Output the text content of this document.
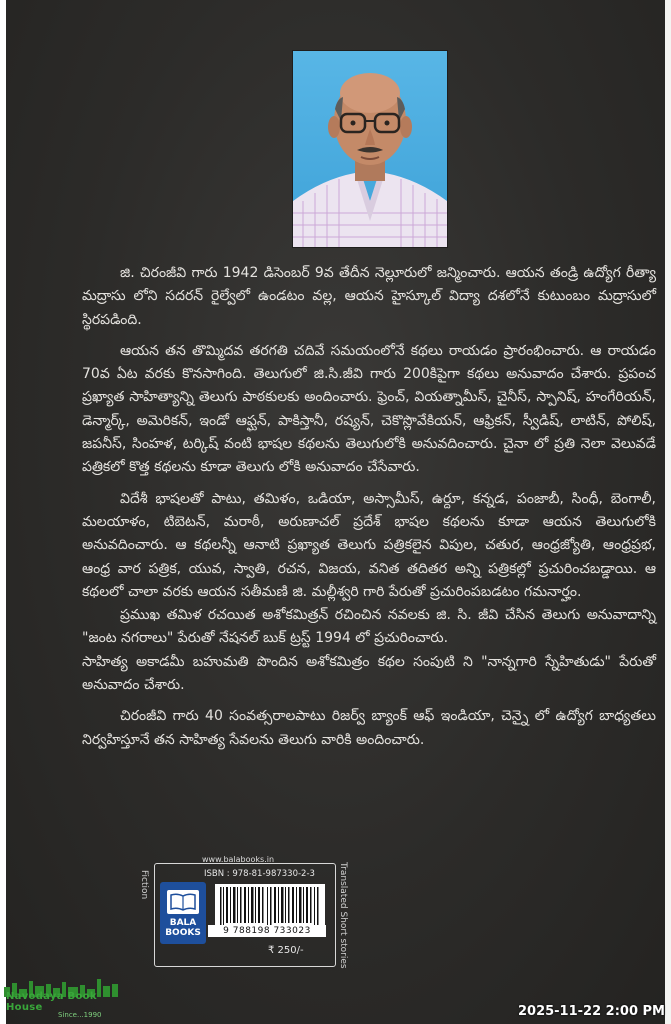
జి. చిరంజీవి గారు 1942 డిసెంబర్ 9వ తేదీన నెల్లూరులో జన్మించారు. ఆయన తండ్రి ఉద్యోగ రీత్యా మద్రాసు లోని సదరన్ రైల్వేలో ఉండటం వల్ల, ఆయన హైస్కూల్ విద్యా దశలోనే కుటుంబం మద్రాసులో స్థిరపడింది.

ఆయన తన తొమ్మిదవ తరగతి చదివే సమయంలోనే కథలు రాయడం ప్రారంభించారు. ఆ రాయడం 70వ ఏట వరకు కొనసాగింది. తెలుగులో జి.సి.జీవి గారు 200కిపైగా కథలు అనువాదం చేశారు. ప్రపంచ ప్రఖ్యాత సాహిత్యాన్ని తెలుగు పాఠకులకు అందించారు. ఫ్రెంచ్, వియత్నామీస్, చైనీస్, స్పానిష్, హంగేరియన్, డెన్మార్క్, అమెరికన్, ఇండో ఆఫ్ఘన్, పాకిస్తానీ, రష్యన్, చెకొస్లొవేకియన్, ఆఫ్రికన్, స్వీడిష్, లాటిన్, పోలిష్, జపనీస్, సింహళ, టర్కిష్ వంటి భాషల కథలను తెలుగులోకి అనువదించారు. చైనా లో ప్రతి నెలా వెలువడే పత్రికలో కొత్త కథలను కూడా తెలుగు లోకి అనువాదం చేసేవారు.

విదేశీ భాషలతో పాటు, తమిళం, ఒడియా, అస్సామీస్, ఉర్దూ, కన్నడ, పంజాబీ, సింధీ, బెంగాలీ, మలయాళం, టిబెటన్, మరాఠీ, అరుణాచల్ ప్రదేశ్ భాషల కథలను కూడా ఆయన తెలుగులోకి అనువదించారు. ఆ కథలన్నీ ఆనాటి ప్రఖ్యాత తెలుగు పత్రికలైన విపుల, చతుర, ఆంధ్రజ్యోతి, ఆంధ్రప్రభ, ఆంధ్ర వార పత్రిక, యువ, స్వాతి, రచన, విజయ, వనిత తదితర అన్ని పత్రికల్లో ప్రచురించబడ్డాయి. ఆ కథలలో చాలా వరకు ఆయన సతీమణి జి. మల్లీశ్వరి గారి పేరుతో ప్రచురింపబడటం గమనార్హం.

ప్రముఖ తమిళ రచయిత అశోకమిత్రన్ రచించిన నవలకు జి. సి. జీవి చేసిన తెలుగు అనువాదాన్ని "జంట నగరాలు" పేరుతో నేషనల్ బుక్ ట్రస్ట్ 1994 లో ప్రచురించారు.

సాహిత్య అకాడమీ బహుమతి పొందిన అశోకమిత్రం కథల సంపుటి ని "నాన్నగారి స్నేహితుడు" పేరుతో అనువాదం చేశారు.

చిరంజీవి గారు 40 సంవత్సరాలపాటు రిజర్వ్ బ్యాంక్ ఆఫ్ ఇండియా, చెన్నై లో ఉద్యోగ బాధ్యతలు నిర్వహిస్తూనే తన సాహిత్య సేవలను తెలుగు వారికి అందించారు.

www.balabooks.in
ISBN : 978-81-987330-2-3
BALA BOOKS	9 788198 733023
₹ 250/-
Fiction	Translated Short stories
Navodaya Book House
Since...1990	2025-11-22 2:00 PM
